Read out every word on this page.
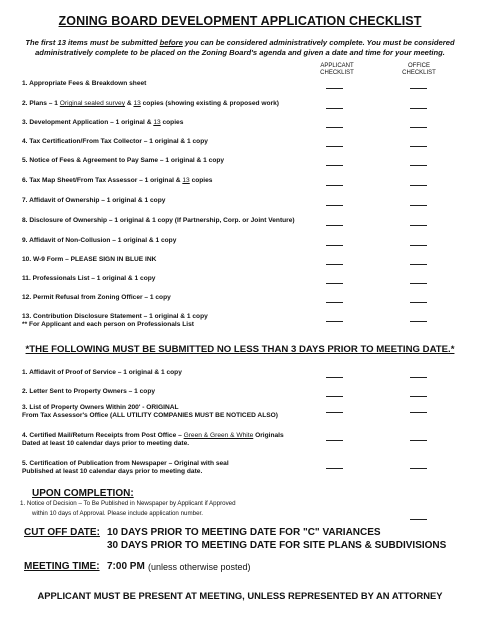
ZONING BOARD DEVELOPMENT APPLICATION CHECKLIST
The first 13 items must be submitted before you can be considered administratively complete. You must be considered administratively complete to be placed on the Zoning Board's agenda and given a date and time for your meeting.
APPLICANT CHECKLIST
OFFICE CHECKLIST
1. Appropriate Fees & Breakdown sheet
2. Plans – 1 Original sealed survey & 13 copies (showing existing & proposed work)
3. Development Application – 1 original & 13 copies
4. Tax Certification/From Tax Collector – 1 original & 1 copy
5. Notice of Fees & Agreement to Pay Same – 1 original & 1 copy
6. Tax Map Sheet/From Tax Assessor – 1 original & 13 copies
7. Affidavit of Ownership – 1 original & 1 copy
8. Disclosure of Ownership – 1 original & 1 copy (If Partnership, Corp. or Joint Venture)
9. Affidavit of Non-Collusion – 1 original & 1 copy
10. W-9 Form – PLEASE SIGN IN BLUE INK
11. Professionals List – 1 original & 1 copy
12. Permit Refusal from Zoning Officer – 1 copy
13. Contribution Disclosure Statement – 1 original & 1 copy
** For Applicant and each person on Professionals List
*THE FOLLOWING MUST BE SUBMITTED NO LESS THAN 3 DAYS PRIOR TO MEETING DATE.*
1. Affidavit of Proof of Service – 1 original & 1 copy
2. Letter Sent to Property Owners – 1 copy
3. List of Property Owners Within 200' - ORIGINAL
From Tax Assessor's Office (ALL UTILITY COMPANIES MUST BE NOTICED ALSO)
4. Certified Mail/Return Receipts from Post Office – Green & Green & White Originals
Dated at least 10 calendar days prior to meeting date.
5. Certification of Publication from Newspaper – Original with seal
Published at least 10 calendar days prior to meeting date.
UPON COMPLETION:
1. Notice of Decision – To Be Published in Newspaper by Applicant if Approved
within 10 days of Approval. Please include application number.
CUT OFF DATE: 10 DAYS PRIOR TO MEETING DATE FOR "C" VARIANCES
30 DAYS PRIOR TO MEETING DATE FOR SITE PLANS & SUBDIVISIONS
MEETING TIME: 7:00 PM (unless otherwise posted)
APPLICANT MUST BE PRESENT AT MEETING, UNLESS REPRESENTED BY AN ATTORNEY
